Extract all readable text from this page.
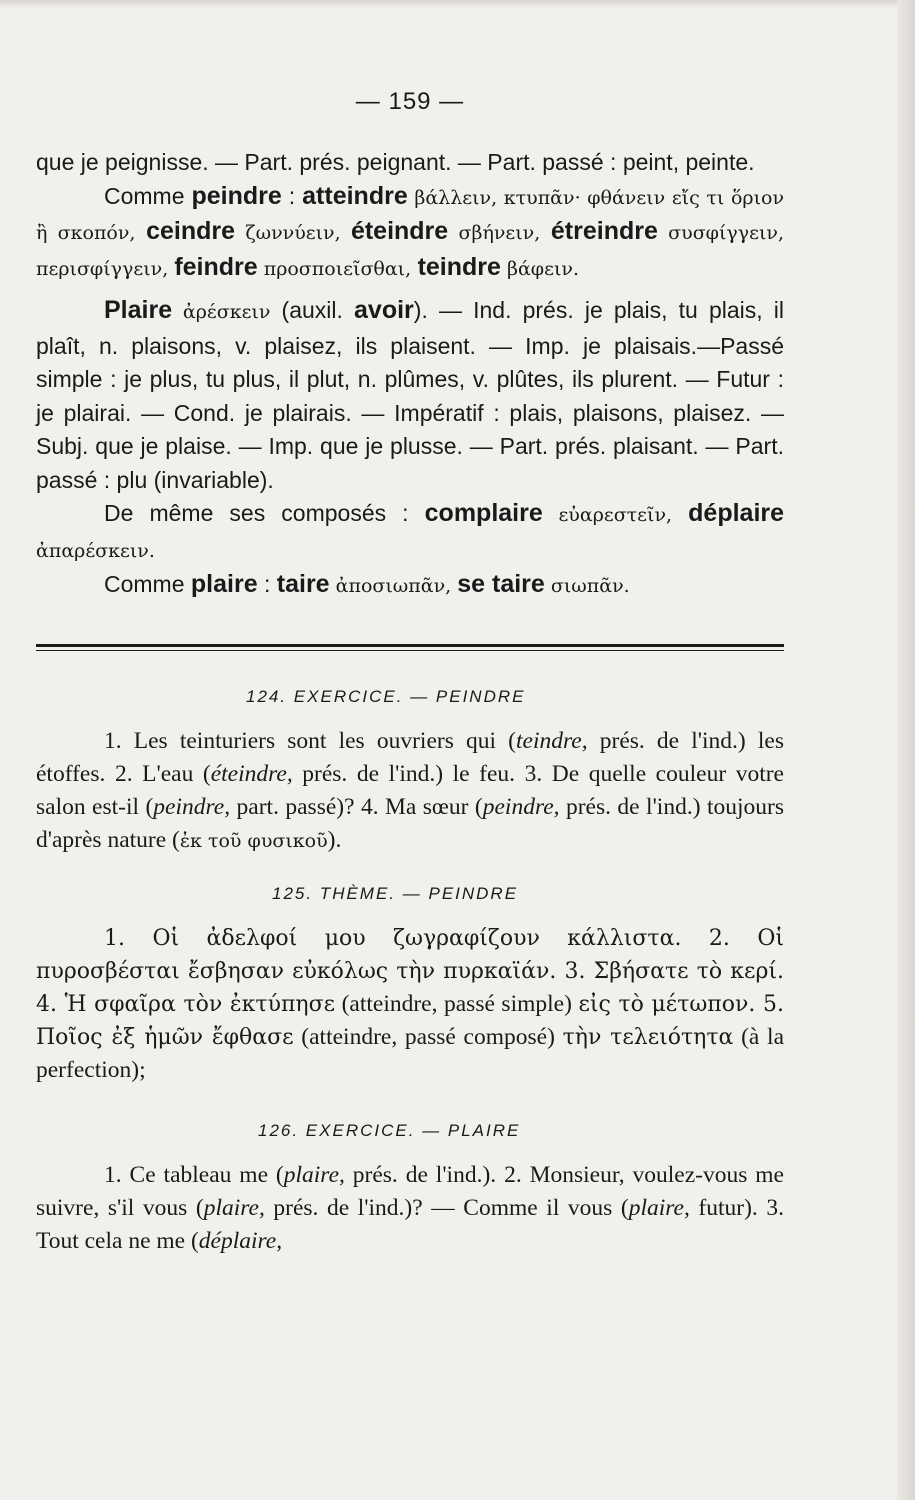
— 159 —

que je peignisse. — Part. prés. peignant. — Part. passé : peint, peinte.

Comme peindre : atteindre βάλλειν, κτυπᾶν· φθάνειν εἴς τι ὅριον ἢ σκοπόν, ceindre ζωννύειν, éteindre σβήνειν, étreindre συσφίγγειν, περισφίγγειν, feindre προσποιεῖσθαι, teindre βάφειν.

Plaire ἀρέσκειν (auxil. avoir). — Ind. prés. je plais, tu plais, il plaît, n. plaisons, v. plaisez, ils plaisent. — Imp. je plaisais.—Passé simple : je plus, tu plus, il plut, n. plûmes, v. plûtes, ils plurent. — Futur : je plairai. — Cond. je plairais. — Impératif : plais, plaisons, plaisez. — Subj. que je plaise. — Imp. que je plusse. — Part. prés. plaisant. — Part. passé : plu (invariable).

De même ses composés : complaire εὐαρεστεῖν, déplaire ἀπαρέσκειν.

Comme plaire : taire ἀποσιωπᾶν, se taire σιωπᾶν.

124. EXERCICE. — PEINDRE

1. Les teinturiers sont les ouvriers qui (teindre, prés. de l'ind.) les étoffes. 2. L'eau (éteindre, prés. de l'ind.) le feu. 3. De quelle couleur votre salon est-il (peindre, part. passé)? 4. Ma sœur (peindre, prés. de l'ind.) toujours d'après nature (ἐκ τοῦ φυσικοῦ).

125. THÈME. — PEINDRE

1. Οἱ ἀδελφοί μου ζωγραφίζουν κάλλιστα. 2. Οἱ πυροσβέσται ἔσβησαν εὐκόλως τὴν πυρκαϊάν. 3. Σβήσατε τὸ κερί. 4. Ἡ σφαῖρα τὸν ἐκτύπησε (atteindre, passé simple) εἰς τὸ μέτωπον. 5. Ποῖος ἐξ ἡμῶν ἔφθασε (atteindre, passé composé) τὴν τελειότητα (à la perfection);

126. EXERCICE. — PLAIRE

1. Ce tableau me (plaire, prés. de l'ind.). 2. Monsieur, voulez-vous me suivre, s'il vous (plaire, prés. de l'ind.)? — Comme il vous (plaire, futur). 3. Tout cela ne me (déplaire,
